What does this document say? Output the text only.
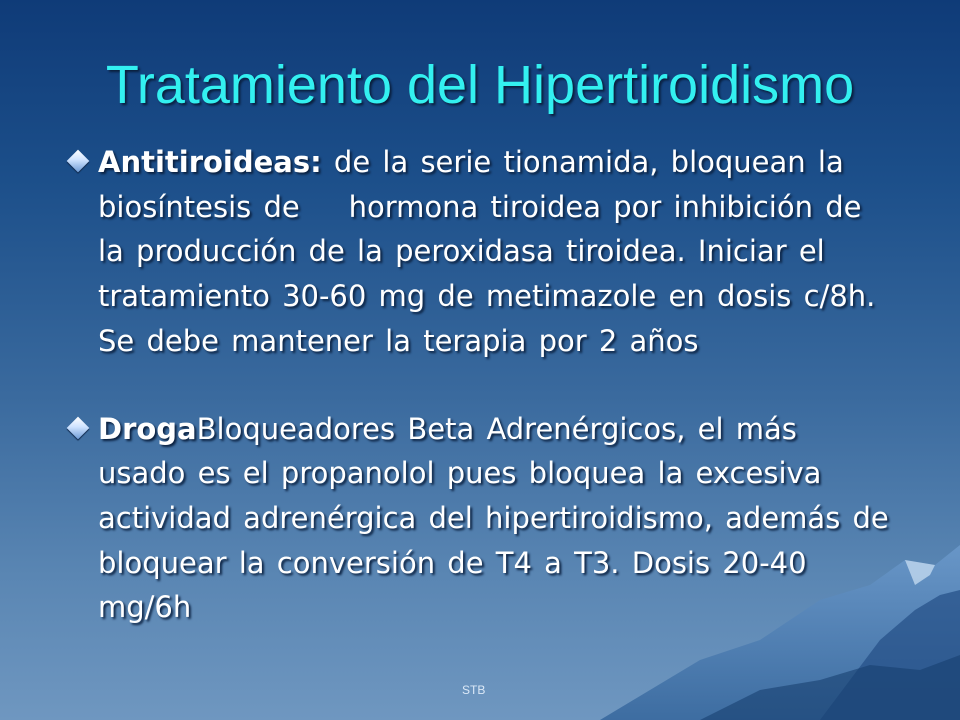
Tratamiento del Hipertiroidismo
Antitiroideas: de la serie tionamida, bloquean la biosíntesis de    hormona tiroidea por inhibición de la producción de la peroxidasa tiroidea. Iniciar el tratamiento 30-60 mg de metimazole en dosis c/8h. Se debe mantener la terapia por 2 años
DrogaBloqueadores Beta Adrenérgicos, el más usado es el propanolol pues bloquea la excesiva actividad adrenérgica del hipertiroidismo, además de bloquear la conversión de T4 a T3. Dosis 20-40 mg/6h
STB
